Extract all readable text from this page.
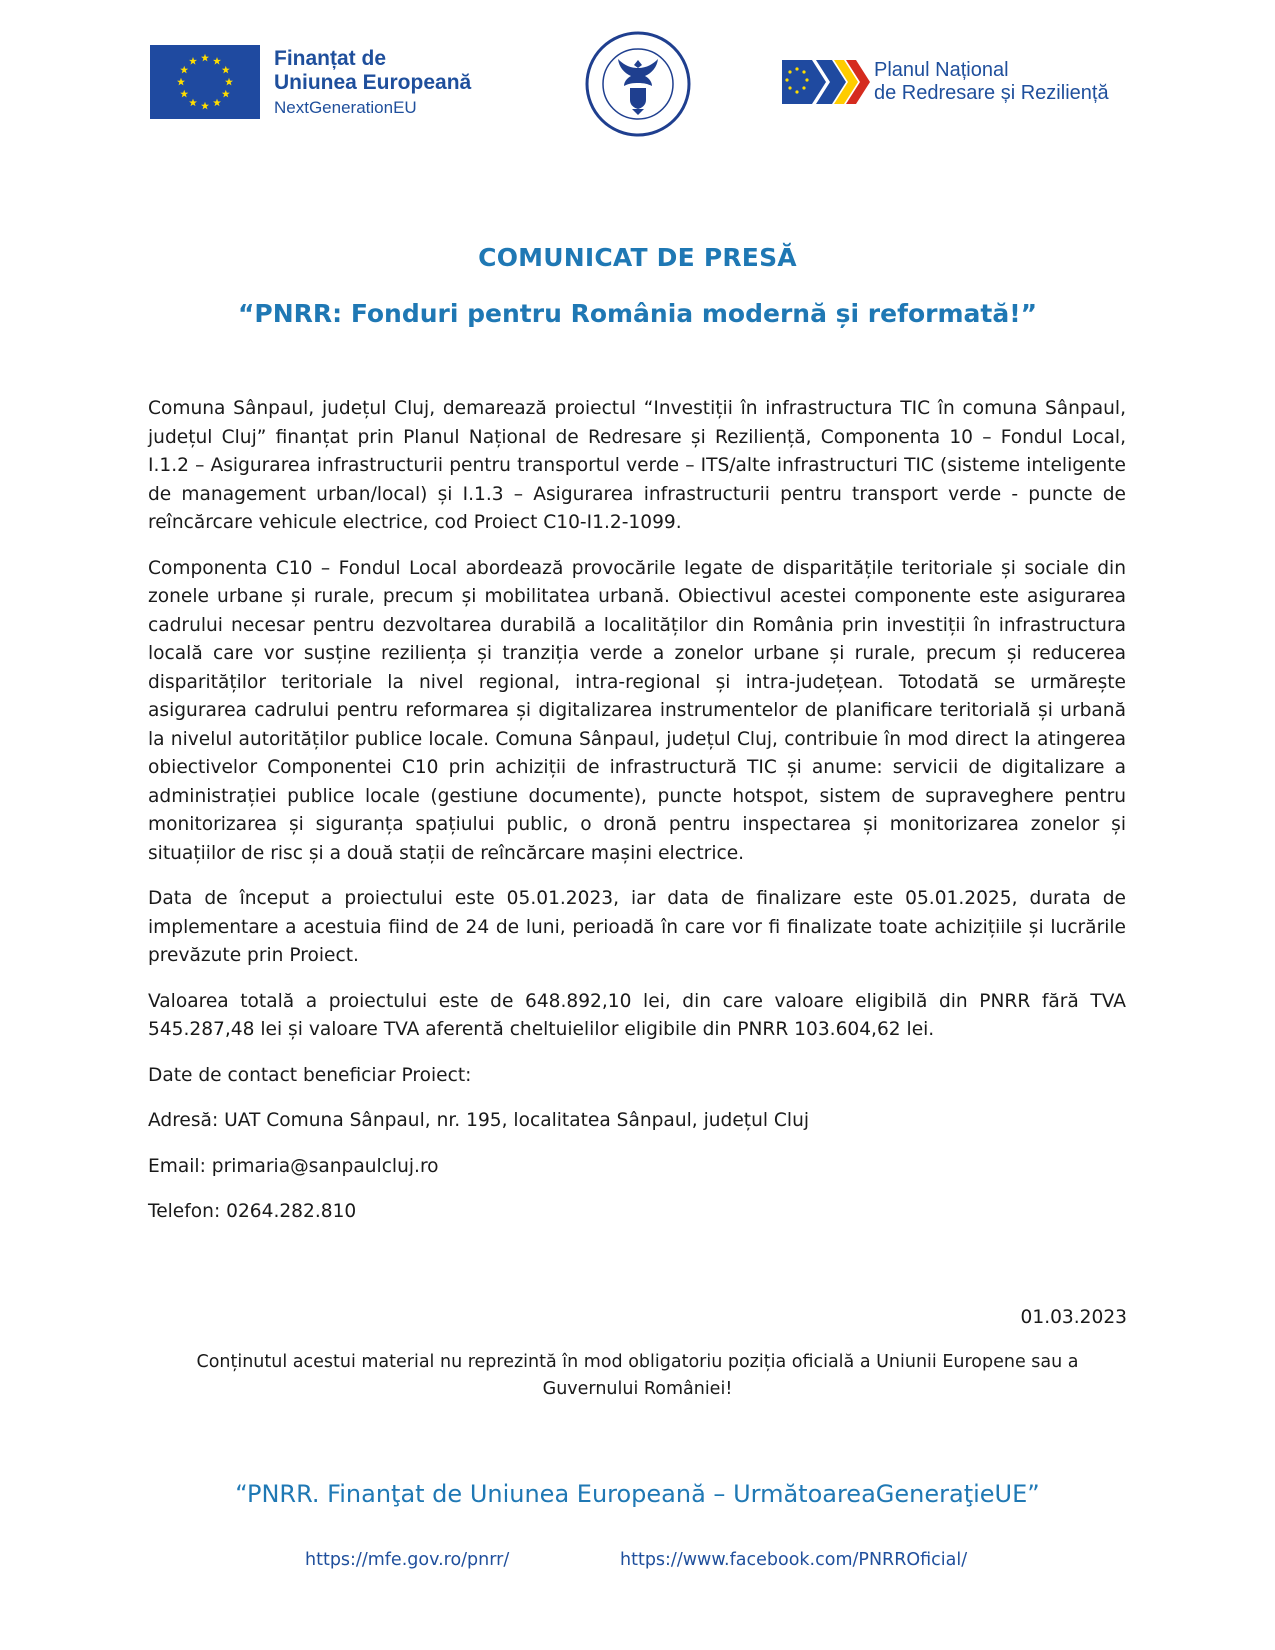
Finanțat de
Uniunea Europeană
NextGenerationEU
Planul Național
de Redresare și Reziliență
COMUNICAT DE PRESĂ
“PNRR: Fonduri pentru România modernă și reformată!”

Comuna Sânpaul, județul Cluj, demarează proiectul “Investiții în infrastructura TIC în comuna Sânpaul, județul Cluj” finanțat prin Planul Național de Redresare și Reziliență, Componenta 10 – Fondul Local, I.1.2 – Asigurarea infrastructurii pentru transportul verde – ITS/alte infrastructuri TIC (sisteme inteligente de management urban/local) și I.1.3 – Asigurarea infrastructurii pentru transport verde - puncte de reîncărcare vehicule electrice, cod Proiect C10-I1.2-1099.

Componenta C10 – Fondul Local abordează provocările legate de disparitățile teritoriale și sociale din zonele urbane și rurale, precum și mobilitatea urbană. Obiectivul acestei componente este asigurarea cadrului necesar pentru dezvoltarea durabilă a localităților din România prin investiții în infrastructura locală care vor susține reziliența și tranziția verde a zonelor urbane și rurale, precum și reducerea disparităților teritoriale la nivel regional, intra-regional și intra-județean. Totodată se urmărește asigurarea cadrului pentru reformarea și digitalizarea instrumentelor de planificare teritorială și urbană la nivelul autorităților publice locale. Comuna Sânpaul, județul Cluj, contribuie în mod direct la atingerea obiectivelor Componentei C10 prin achiziții de infrastructură TIC și anume: servicii de digitalizare a administrației publice locale (gestiune documente), puncte hotspot, sistem de supraveghere pentru monitorizarea și siguranța spațiului public, o dronă pentru inspectarea și monitorizarea zonelor și situațiilor de risc și a două stații de reîncărcare mașini electrice.

Data de început a proiectului este 05.01.2023, iar data de finalizare este 05.01.2025, durata de implementare a acestuia fiind de 24 de luni, perioadă în care vor fi finalizate toate achizițiile și lucrările prevăzute prin Proiect.

Valoarea totală a proiectului este de 648.892,10 lei, din care valoare eligibilă din PNRR fără TVA 545.287,48 lei și valoare TVA aferentă cheltuielilor eligibile din PNRR 103.604,62 lei.

Date de contact beneficiar Proiect:

Adresă: UAT Comuna Sânpaul, nr. 195, localitatea Sânpaul, județul Cluj

Email: primaria@sanpaulcluj.ro

Telefon: 0264.282.810

01.03.2023
Conținutul acestui material nu reprezintă în mod obligatoriu poziția oficială a Uniunii Europene sau a Guvernului României!
“PNRR. Finanţat de Uniunea Europeană – UrmătoareaGeneraţieUE”
https://mfe.gov.ro/pnrr/	https://www.facebook.com/PNRROficial/
